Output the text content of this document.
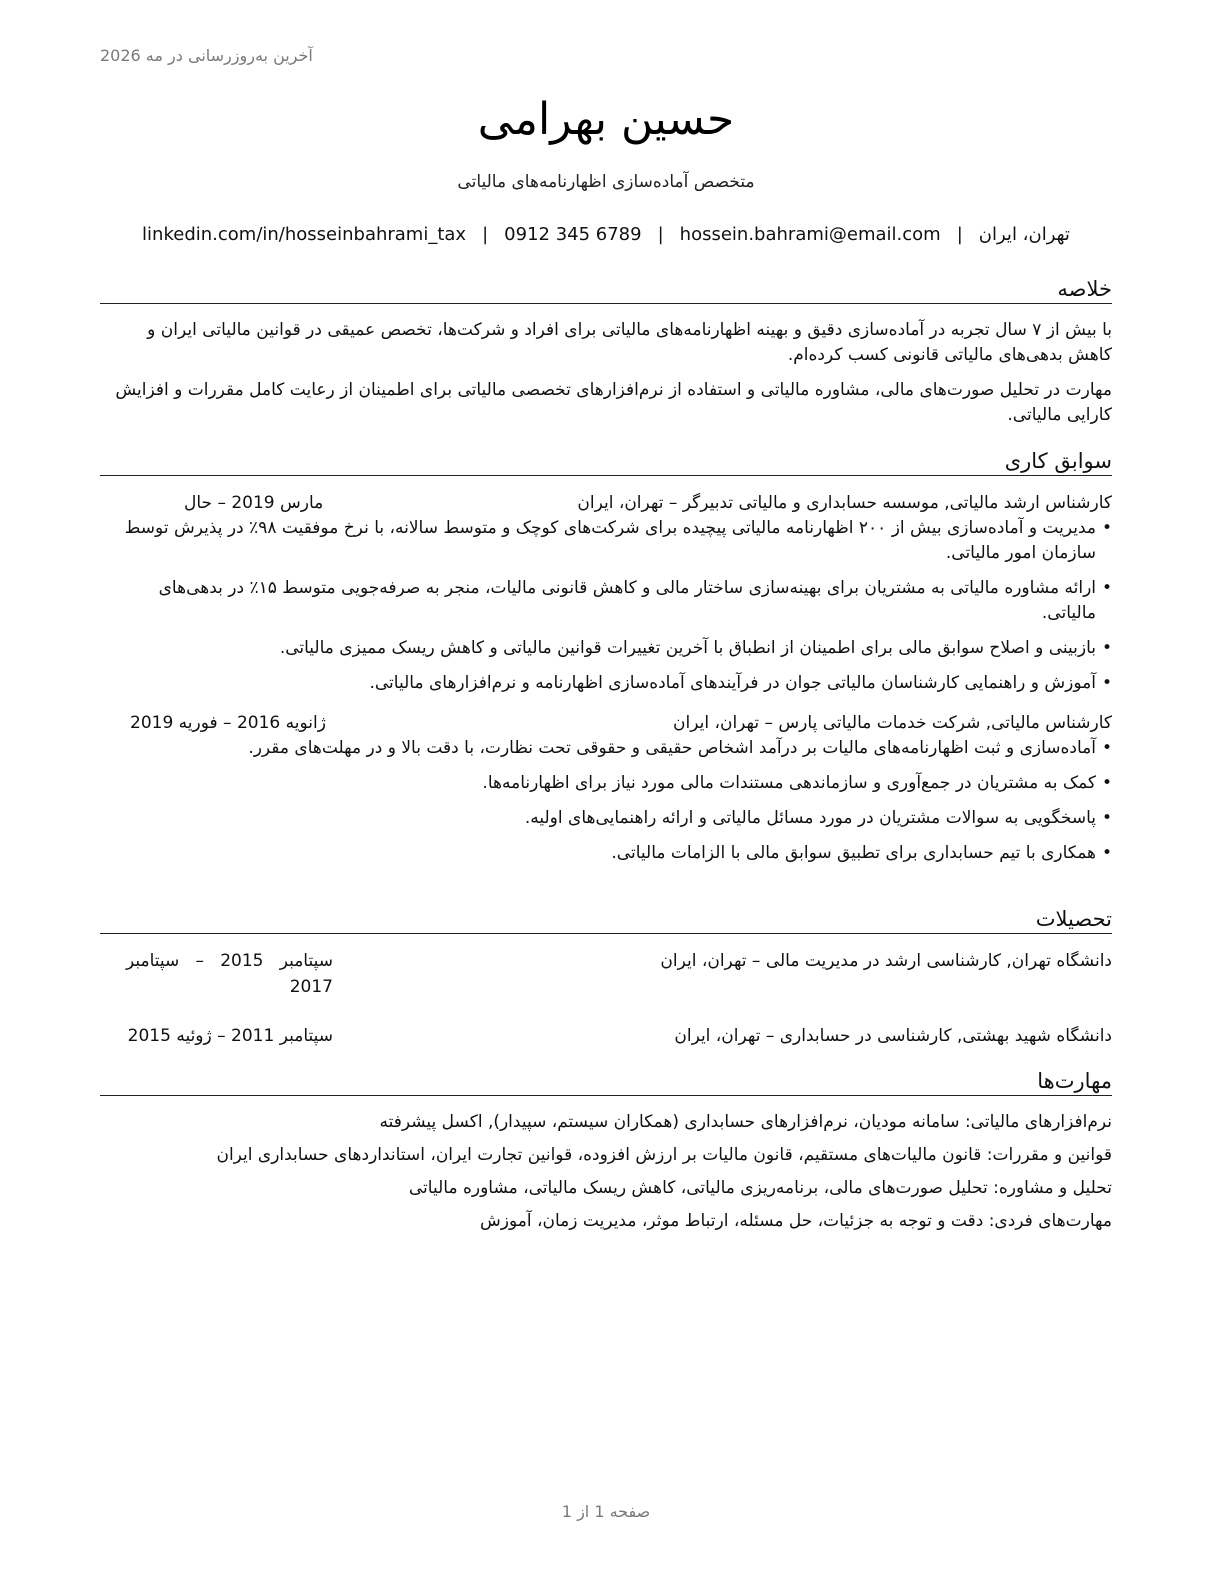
آخرین به‌روزرسانی در مه 2026
حسین بهرامی
متخصص آماده‌سازی اظهارنامه‌های مالیاتی
تهران، ایران|hossein.bahrami@email.com|0912 345 6789|linkedin.com/in/hosseinbahrami_tax
خلاصه

با بیش از ۷ سال تجربه در آماده‌سازی دقیق و بهینه اظهارنامه‌های مالیاتی برای افراد و شرکت‌ها، تخصص عمیقی در قوانین مالیاتی ایران و کاهش بدهی‌های مالیاتی قانونی کسب کرده‌ام.

مهارت در تحلیل صورت‌های مالی، مشاوره مالیاتی و استفاده از نرم‌افزارهای تخصصی مالیاتی برای اطمینان از رعایت کامل مقررات و افزایش کارایی مالیاتی.

سوابق کاری
کارشناس ارشد مالیاتی, موسسه حسابداری و مالیاتی تدبیرگر – تهران، ایران
مارس 2019 – حال
•
مدیریت و آماده‌سازی بیش از ۲۰۰ اظهارنامه مالیاتی پیچیده برای شرکت‌های کوچک و متوسط سالانه، با نرخ موفقیت ۹۸٪ در پذیرش توسط سازمان امور مالیاتی.
•
ارائه مشاوره مالیاتی به مشتریان برای بهینه‌سازی ساختار مالی و کاهش قانونی مالیات، منجر به صرفه‌جویی متوسط ۱۵٪ در بدهی‌های مالیاتی.
•
بازبینی و اصلاح سوابق مالی برای اطمینان از انطباق با آخرین تغییرات قوانین مالیاتی و کاهش ریسک ممیزی مالیاتی.
•
آموزش و راهنمایی کارشناسان مالیاتی جوان در فرآیندهای آماده‌سازی اظهارنامه و نرم‌افزارهای مالیاتی.
کارشناس مالیاتی, شرکت خدمات مالیاتی پارس – تهران، ایران
ژانویه 2016 – فوریه 2019
•
آماده‌سازی و ثبت اظهارنامه‌های مالیات بر درآمد اشخاص حقیقی و حقوقی تحت نظارت، با دقت بالا و در مهلت‌های مقرر.
•
کمک به مشتریان در جمع‌آوری و سازماندهی مستندات مالی مورد نیاز برای اظهارنامه‌ها.
•
پاسخگویی به سوالات مشتریان در مورد مسائل مالیاتی و ارائه راهنمایی‌های اولیه.
•
همکاری با تیم حسابداری برای تطبیق سوابق مالی با الزامات مالیاتی.
تحصیلات
دانشگاه تهران, کارشناسی ارشد در مدیریت مالی – تهران، ایران
سپتامبر   2015   –   سپتامبر
2017
دانشگاه شهید بهشتی, کارشناسی در حسابداری – تهران، ایران
سپتامبر 2011 – ژوئیه 2015
مهارت‌ها
نرم‌افزارهای مالیاتی: سامانه مودیان، نرم‌افزارهای حسابداری (همکاران سیستم، سپیدار), اکسل پیشرفته
قوانین و مقررات: قانون مالیات‌های مستقیم، قانون مالیات بر ارزش افزوده، قوانین تجارت ایران، استانداردهای حسابداری ایران
تحلیل و مشاوره: تحلیل صورت‌های مالی، برنامه‌ریزی مالیاتی، کاهش ریسک مالیاتی، مشاوره مالیاتی
مهارت‌های فردی: دقت و توجه به جزئیات، حل مسئله، ارتباط موثر، مدیریت زمان، آموزش
صفحه 1 از 1
